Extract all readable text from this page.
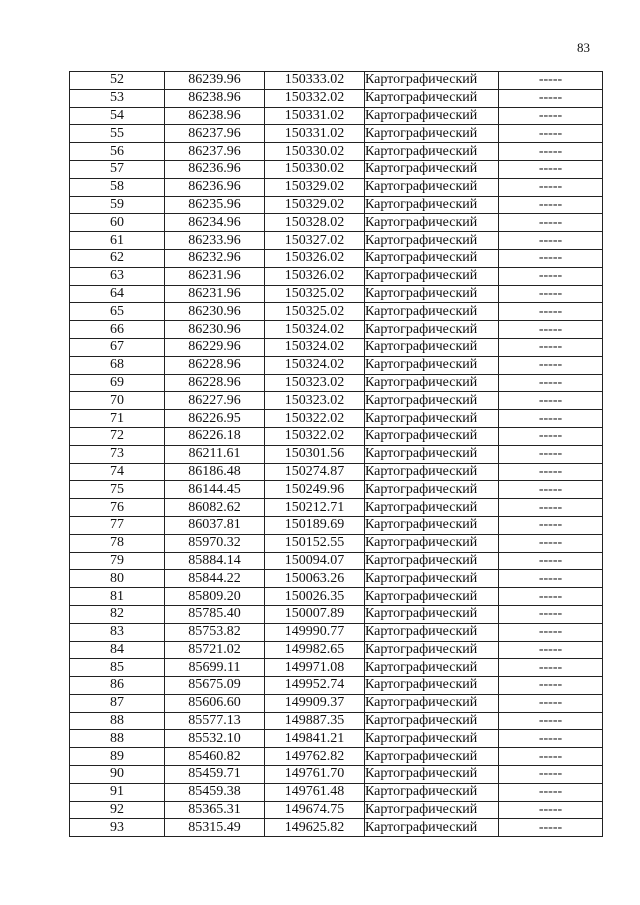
83
52	86239.96	150333.02	Картографический	-----
53	86238.96	150332.02	Картографический	-----
54	86238.96	150331.02	Картографический	-----
55	86237.96	150331.02	Картографический	-----
56	86237.96	150330.02	Картографический	-----
57	86236.96	150330.02	Картографический	-----
58	86236.96	150329.02	Картографический	-----
59	86235.96	150329.02	Картографический	-----
60	86234.96	150328.02	Картографический	-----
61	86233.96	150327.02	Картографический	-----
62	86232.96	150326.02	Картографический	-----
63	86231.96	150326.02	Картографический	-----
64	86231.96	150325.02	Картографический	-----
65	86230.96	150325.02	Картографический	-----
66	86230.96	150324.02	Картографический	-----
67	86229.96	150324.02	Картографический	-----
68	86228.96	150324.02	Картографический	-----
69	86228.96	150323.02	Картографический	-----
70	86227.96	150323.02	Картографический	-----
71	86226.95	150322.02	Картографический	-----
72	86226.18	150322.02	Картографический	-----
73	86211.61	150301.56	Картографический	-----
74	86186.48	150274.87	Картографический	-----
75	86144.45	150249.96	Картографический	-----
76	86082.62	150212.71	Картографический	-----
77	86037.81	150189.69	Картографический	-----
78	85970.32	150152.55	Картографический	-----
79	85884.14	150094.07	Картографический	-----
80	85844.22	150063.26	Картографический	-----
81	85809.20	150026.35	Картографический	-----
82	85785.40	150007.89	Картографический	-----
83	85753.82	149990.77	Картографический	-----
84	85721.02	149982.65	Картографический	-----
85	85699.11	149971.08	Картографический	-----
86	85675.09	149952.74	Картографический	-----
87	85606.60	149909.37	Картографический	-----
88	85577.13	149887.35	Картографический	-----
88	85532.10	149841.21	Картографический	-----
89	85460.82	149762.82	Картографический	-----
90	85459.71	149761.70	Картографический	-----
91	85459.38	149761.48	Картографический	-----
92	85365.31	149674.75	Картографический	-----
93	85315.49	149625.82	Картографический	-----
